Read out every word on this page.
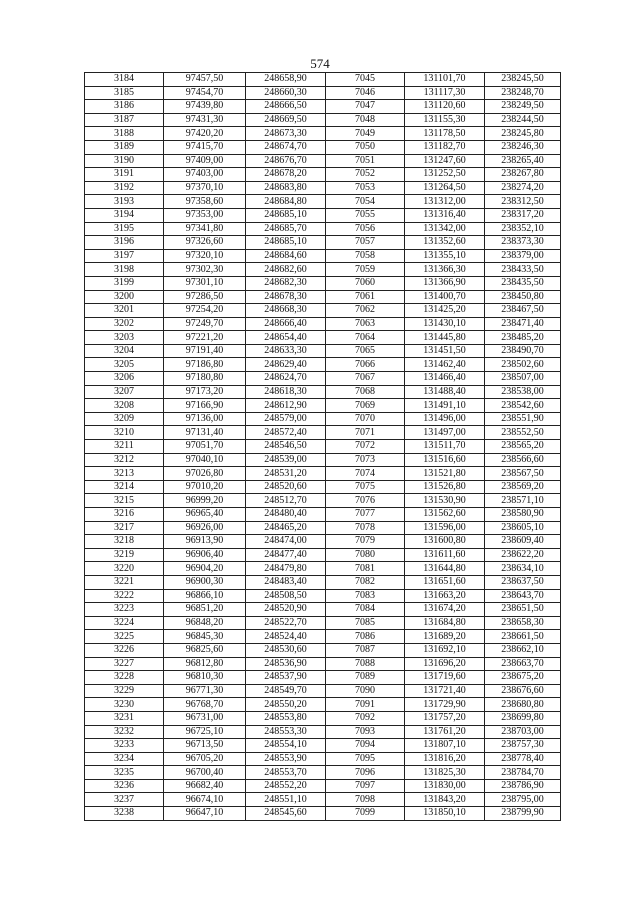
574
3184	97457,50	248658,90	7045	131101,70	238245,50
3185	97454,70	248660,30	7046	131117,30	238248,70
3186	97439,80	248666,50	7047	131120,60	238249,50
3187	97431,30	248669,50	7048	131155,30	238244,50
3188	97420,20	248673,30	7049	131178,50	238245,80
3189	97415,70	248674,70	7050	131182,70	238246,30
3190	97409,00	248676,70	7051	131247,60	238265,40
3191	97403,00	248678,20	7052	131252,50	238267,80
3192	97370,10	248683,80	7053	131264,50	238274,20
3193	97358,60	248684,80	7054	131312,00	238312,50
3194	97353,00	248685,10	7055	131316,40	238317,20
3195	97341,80	248685,70	7056	131342,00	238352,10
3196	97326,60	248685,10	7057	131352,60	238373,30
3197	97320,10	248684,60	7058	131355,10	238379,00
3198	97302,30	248682,60	7059	131366,30	238433,50
3199	97301,10	248682,30	7060	131366,90	238435,50
3200	97286,50	248678,30	7061	131400,70	238450,80
3201	97254,20	248668,30	7062	131425,20	238467,50
3202	97249,70	248666,40	7063	131430,10	238471,40
3203	97221,20	248654,40	7064	131445,80	238485,20
3204	97191,40	248633,30	7065	131451,50	238490,70
3205	97186,80	248629,40	7066	131462,40	238502,60
3206	97180,80	248624,70	7067	131466,40	238507,00
3207	97173,20	248618,30	7068	131488,40	238538,00
3208	97166,90	248612,90	7069	131491,10	238542,60
3209	97136,00	248579,00	7070	131496,00	238551,90
3210	97131,40	248572,40	7071	131497,00	238552,50
3211	97051,70	248546,50	7072	131511,70	238565,20
3212	97040,10	248539,00	7073	131516,60	238566,60
3213	97026,80	248531,20	7074	131521,80	238567,50
3214	97010,20	248520,60	7075	131526,80	238569,20
3215	96999,20	248512,70	7076	131530,90	238571,10
3216	96965,40	248480,40	7077	131562,60	238580,90
3217	96926,00	248465,20	7078	131596,00	238605,10
3218	96913,90	248474,00	7079	131600,80	238609,40
3219	96906,40	248477,40	7080	131611,60	238622,20
3220	96904,20	248479,80	7081	131644,80	238634,10
3221	96900,30	248483,40	7082	131651,60	238637,50
3222	96866,10	248508,50	7083	131663,20	238643,70
3223	96851,20	248520,90	7084	131674,20	238651,50
3224	96848,20	248522,70	7085	131684,80	238658,30
3225	96845,30	248524,40	7086	131689,20	238661,50
3226	96825,60	248530,60	7087	131692,10	238662,10
3227	96812,80	248536,90	7088	131696,20	238663,70
3228	96810,30	248537,90	7089	131719,60	238675,20
3229	96771,30	248549,70	7090	131721,40	238676,60
3230	96768,70	248550,20	7091	131729,90	238680,80
3231	96731,00	248553,80	7092	131757,20	238699,80
3232	96725,10	248553,30	7093	131761,20	238703,00
3233	96713,50	248554,10	7094	131807,10	238757,30
3234	96705,20	248553,90	7095	131816,20	238778,40
3235	96700,40	248553,70	7096	131825,30	238784,70
3236	96682,40	248552,20	7097	131830,00	238786,90
3237	96674,10	248551,10	7098	131843,20	238795,00
3238	96647,10	248545,60	7099	131850,10	238799,90
